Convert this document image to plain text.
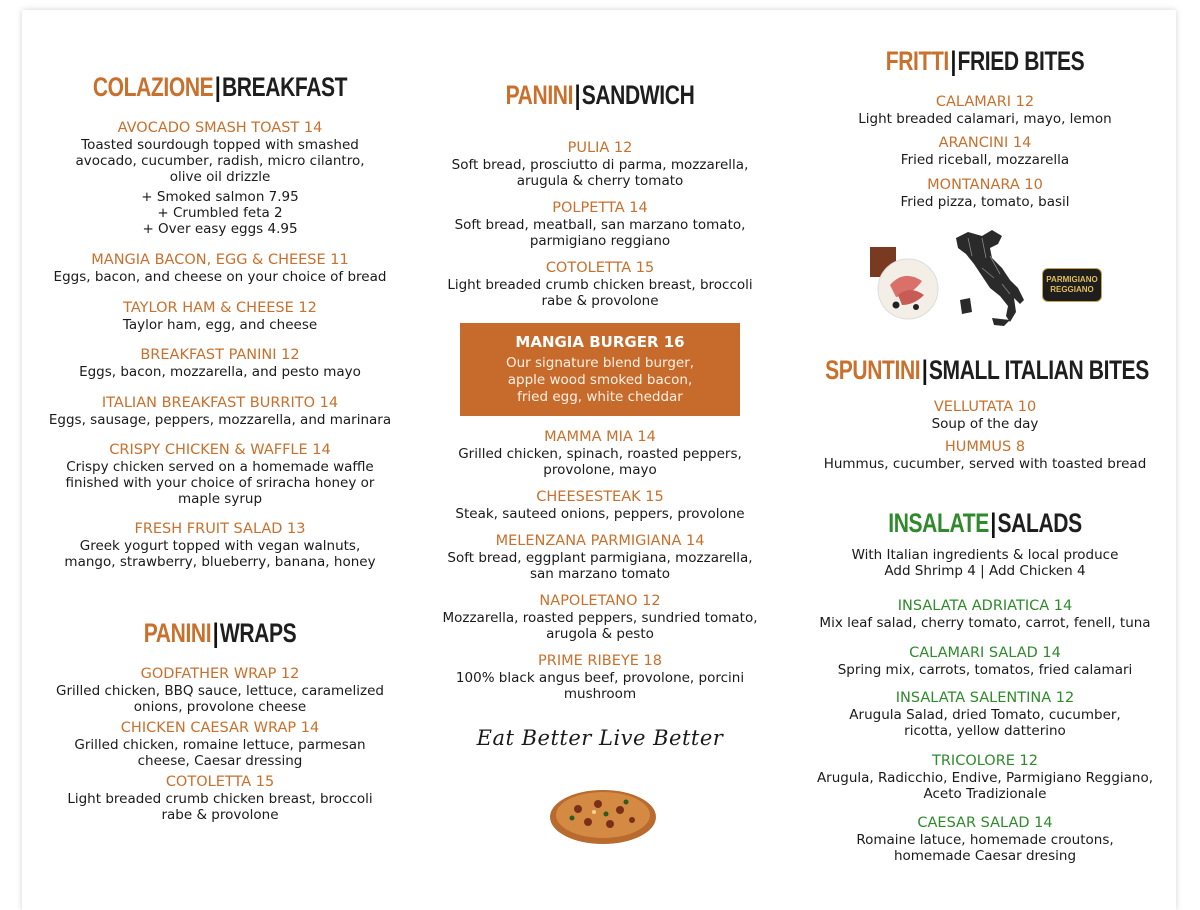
COLAZIONE|BREAKFAST
AVOCADO SMASH TOAST 14
Toasted sourdough topped with smashed
avocado, cucumber, radish, micro cilantro,
olive oil drizzle
+ Smoked salmon 7.95
+ Crumbled feta 2
+ Over easy eggs 4.95
MANGIA BACON, EGG & CHEESE 11
Eggs, bacon, and cheese on your choice of bread
TAYLOR HAM & CHEESE 12
Taylor ham, egg, and cheese
BREAKFAST PANINI 12
Eggs, bacon, mozzarella, and pesto mayo
ITALIAN BREAKFAST BURRITO 14
Eggs, sausage, peppers, mozzarella, and marinara
CRISPY CHICKEN & WAFFLE 14
Crispy chicken served on a homemade waffle
finished with your choice of sriracha honey or
maple syrup
FRESH FRUIT SALAD 13
Greek yogurt topped with vegan walnuts,
mango, strawberry, blueberry, banana, honey
PANINI|WRAPS
GODFATHER WRAP 12
Grilled chicken, BBQ sauce, lettuce, caramelized
onions, provolone cheese
CHICKEN CAESAR WRAP 14
Grilled chicken, romaine lettuce, parmesan
cheese, Caesar dressing
COTOLETTA 15
Light breaded crumb chicken breast, broccoli
rabe & provolone
PANINI|SANDWICH
PULIA 12
Soft bread, prosciutto di parma, mozzarella,
arugula & cherry tomato
POLPETTA 14
Soft bread, meatball, san marzano tomato,
parmigiano reggiano
COTOLETTA 15
Light breaded crumb chicken breast, broccoli
rabe & provolone
MAMMA MIA 14
Grilled chicken, spinach, roasted peppers,
provolone, mayo
CHEESESTEAK 15
Steak, sauteed onions, peppers, provolone
MELENZANA PARMIGIANA 14
Soft bread, eggplant parmigiana, mozzarella,
san marzano tomato
NAPOLETANO 12
Mozzarella, roasted peppers, sundried tomato,
arugola & pesto
PRIME RIBEYE 18
100% black angus beef, provolone, porcini
mushroom
MANGIA BURGER 16
Our signature blend burger,
apple wood smoked bacon,
fried egg, white cheddar
Eat Better Live Better
FRITTI|FRIED BITES
CALAMARI 12
Light breaded calamari, mayo, lemon
ARANCINI 14
Fried riceball, mozzarella
MONTANARA 10
Fried pizza, tomato, basil
SPUNTINI|SMALL ITALIAN BITES
VELLUTATA 10
Soup of the day
HUMMUS 8
Hummus, cucumber, served with toasted bread
INSALATE|SALADS
With Italian ingredients & local produce
Add Shrimp 4 | Add Chicken 4
INSALATA ADRIATICA 14
Mix leaf salad, cherry tomato, carrot, fenell, tuna
CALAMARI SALAD 14
Spring mix, carrots, tomatos, fried calamari
INSALATA SALENTINA 12
Arugula Salad, dried Tomato, cucumber,
ricotta, yellow datterino
TRICOLORE 12
Arugula, Radicchio, Endive, Parmigiano Reggiano,
Aceto Tradizionale
CAESAR SALAD 14
Romaine latuce, homemade croutons,
homemade Caesar dresing
PARMIGIANO
REGGIANO
